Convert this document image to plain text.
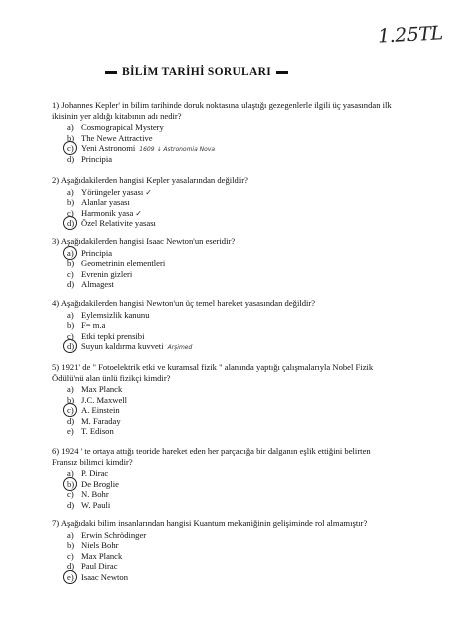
1.25TL
BİLİM TARİHİ SORULARI
1) Johannes Kepler' in bilim tarihinde doruk noktasına ulaştığı gezegenlerle ilgili üç yasasından ilk ikisinin yer aldığı kitabının adı nedir?
a) Cosmograpical Mystery
b) The Newe Attractive
c) Yeni Astronomi 1609 ↓ Astronomia Nova
d) Principia
2) Aşağıdakilerden hangisi Kepler yasalarından değildir?
a) Yörüngeler yasası ✓
b) Alanlar yasası
c) Harmonik yasa ✓
d) Özel Relativite yasası
3) Aşağıdakilerden hangisi Isaac Newton'un eseridir?
a) Principia
b) Geometrinin elementleri
c) Evrenin gizleri
d) Almagest
4) Aşağıdakilerden hangisi Newton'un üç temel hareket yasasından değildir?
a) Eylemsizlik kanunu
b) F= m.a
c) Etki tepki prensibi
d) Suyun kaldırma kuvveti Arşimed
5) 1921' de " Fotoelektrik etki ve kuramsal fizik " alanında yaptığı çalışmalarıyla Nobel Fizik Ödülü'nü alan ünlü fizikçi kimdir?
a) Max Planck
b) J.C. Maxwell
c) A. Einstein
d) M. Faraday
e) T. Edison
6) 1924 ' te ortaya attığı teoride hareket eden her parçacığa bir dalganın eşlik ettiğini belirten Fransız bilimci kimdir?
a) P. Dirac
b) De Broglie
c) N. Bohr
d) W. Pauli
7) Aşağıdaki bilim insanlarından hangisi Kuantum mekaniğinin gelişiminde rol almamıştır?
a) Erwin Schrödinger
b) Niels Bohr
c) Max Planck
d) Paul Dirac
e) Isaac Newton
